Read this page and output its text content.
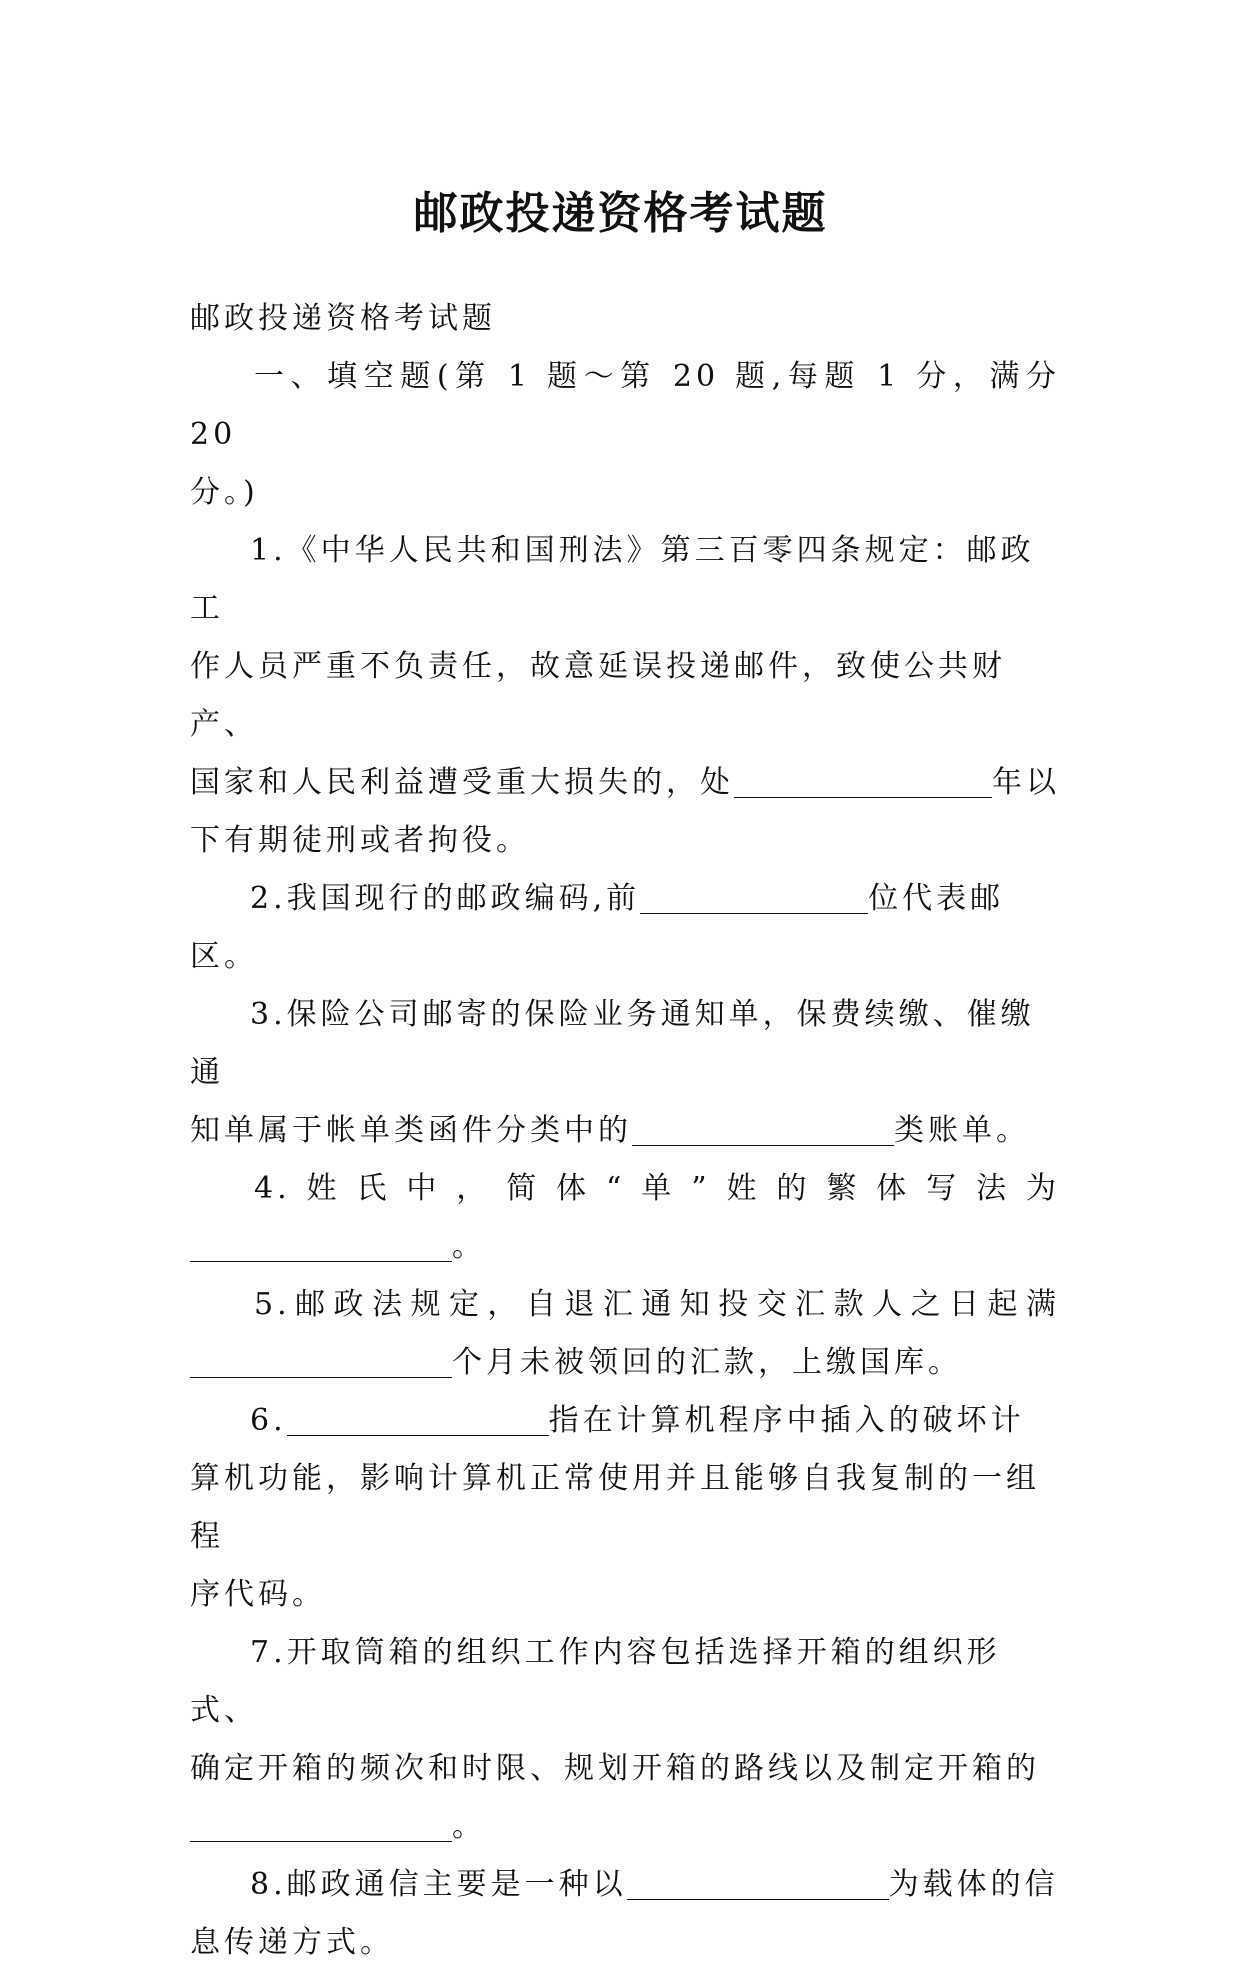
邮政投递资格考试题

邮政投递资格考试题

一、填空题(第 1 题～第 20 题,每题 1 分，满分 20

分。)

1.《中华人民共和国刑法》第三百零四条规定：邮政工

作人员严重不负责任，故意延误投递邮件，致使公共财产、

国家和人民利益遭受重大损失的，处	年以

下有期徒刑或者拘役。

2.我国现行的邮政编码,前	位代表邮区。

3.保险公司邮寄的保险业务通知单，保费续缴、催缴通

知单属于帐单类函件分类中的	类账单。

4.姓氏中，简体“单”姓的繁体写法为

。

5.邮政法规定，自退汇通知投交汇款人之日起满

个月未被领回的汇款，上缴国库。

6.	指在计算机程序中插入的破坏计

算机功能，影响计算机正常使用并且能够自我复制的一组程

序代码。

7.开取筒箱的组织工作内容包括选择开箱的组织形式、

确定开箱的频次和时限、规划开箱的路线以及制定开箱的

。

8.邮政通信主要是一种以	为载体的信

息传递方式。
